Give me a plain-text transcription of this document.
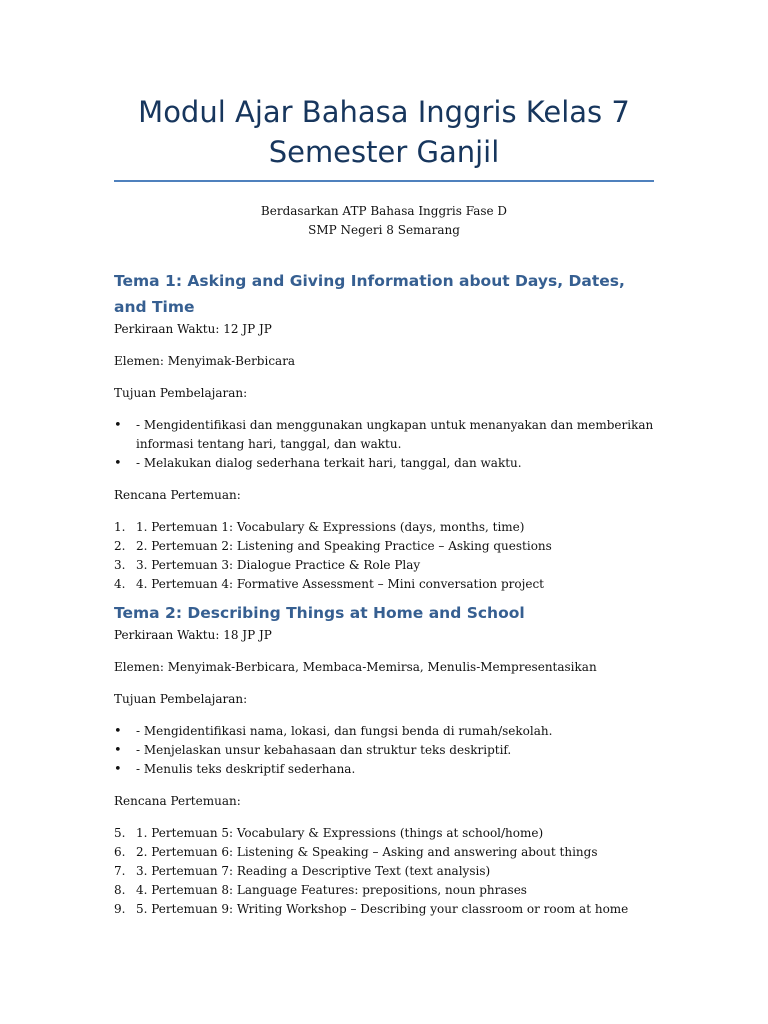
Modul Ajar Bahasa Inggris Kelas 7
Semester Ganjil
Berdasarkan ATP Bahasa Inggris Fase D
SMP Negeri 8 Semarang
Tema 1: Asking and Giving Information about Days, Dates, and Time

Perkiraan Waktu: 12 JP JP

Elemen: Menyimak-Berbicara

Tujuan Pembelajaran:

• - Mengidentifikasi dan menggunakan ungkapan untuk menanyakan dan memberikan informasi tentang hari, tanggal, dan waktu.
• - Melakukan dialog sederhana terkait hari, tanggal, dan waktu.

Rencana Pertemuan:

1. 1. Pertemuan 1: Vocabulary & Expressions (days, months, time)
2. 2. Pertemuan 2: Listening and Speaking Practice – Asking questions
3. 3. Pertemuan 3: Dialogue Practice & Role Play
4. 4. Pertemuan 4: Formative Assessment – Mini conversation project
Tema 2: Describing Things at Home and School

Perkiraan Waktu: 18 JP JP

Elemen: Menyimak-Berbicara, Membaca-Memirsa, Menulis-Mempresentasikan

Tujuan Pembelajaran:

• - Mengidentifikasi nama, lokasi, dan fungsi benda di rumah/sekolah.
• - Menjelaskan unsur kebahasaan dan struktur teks deskriptif.
• - Menulis teks deskriptif sederhana.

Rencana Pertemuan:

5. 1. Pertemuan 5: Vocabulary & Expressions (things at school/home)
6. 2. Pertemuan 6: Listening & Speaking – Asking and answering about things
7. 3. Pertemuan 7: Reading a Descriptive Text (text analysis)
8. 4. Pertemuan 8: Language Features: prepositions, noun phrases
9. 5. Pertemuan 9: Writing Workshop – Describing your classroom or room at home
